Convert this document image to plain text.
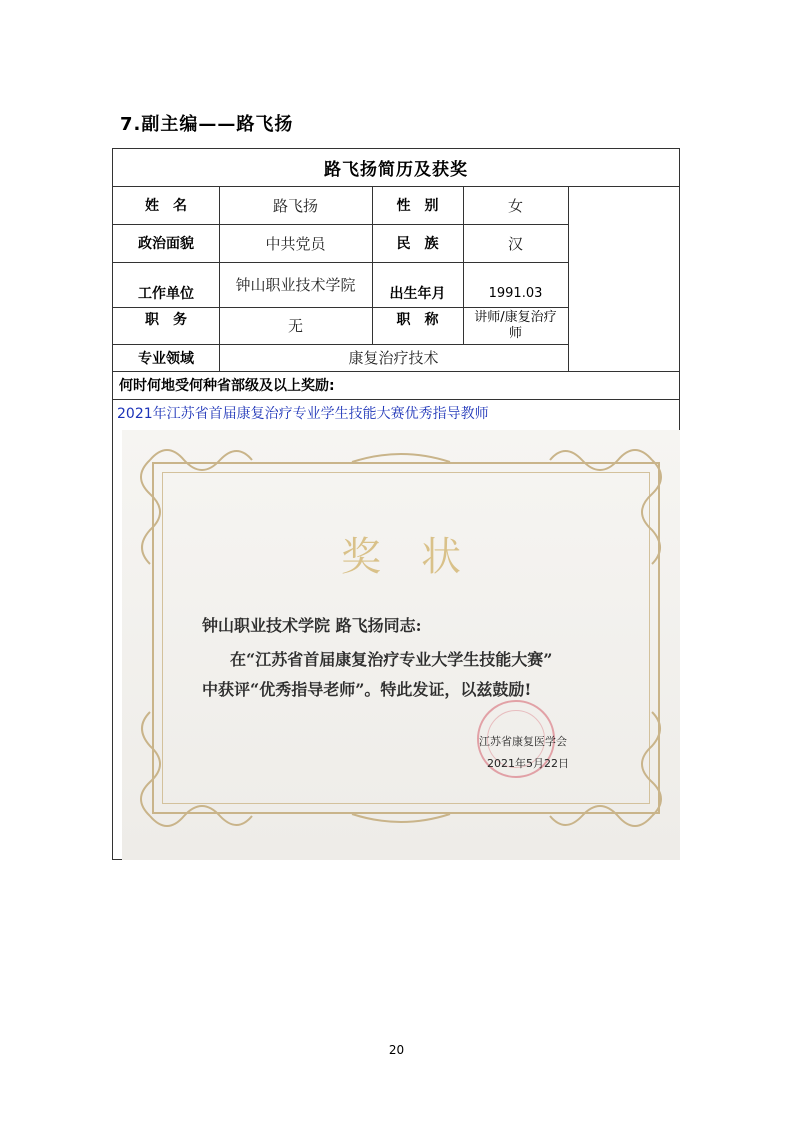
7.副主编——路飞扬
路飞扬简历及获奖
姓　名	路飞扬	性　别	女
政治面貌	中共党员	民　族	汉
工作单位	钟山职业技术学院	出生年月	1991.03
职　务	无	职　称	讲师/康复治疗
师
专业领域	康复治疗技术
何时何地受何种省部级及以上奖励:
2021年江苏省首届康复治疗专业学生技能大赛优秀指导教师
奖状
钟山职业技术学院 路飞扬同志:
在“江苏省首届康复治疗专业大学生技能大赛”
中获评“优秀指导老师”。特此发证，以兹鼓励!
江苏省康复医学会
2021年5月22日
20
